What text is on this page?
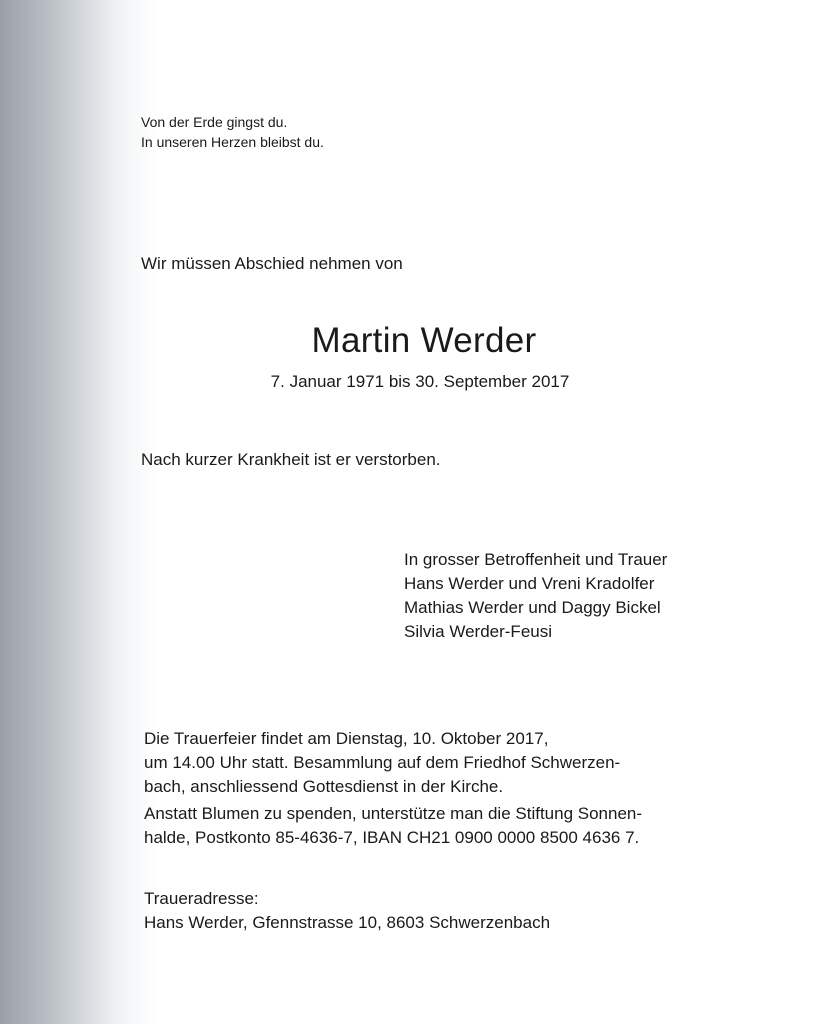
Von der Erde gingst du.
In unseren Herzen bleibst du.
Wir müssen Abschied nehmen von
Martin Werder
7. Januar 1971 bis 30. September 2017
Nach kurzer Krankheit ist er verstorben.
In grosser Betroffenheit und Trauer
Hans Werder und Vreni Kradolfer
Mathias Werder und Daggy Bickel
Silvia Werder-Feusi
Die Trauerfeier findet am Dienstag, 10. Oktober 2017,
um 14.00 Uhr statt. Besammlung auf dem Friedhof Schwerzen-
bach, anschliessend Gottesdienst in der Kirche.
Anstatt Blumen zu spenden, unterstütze man die Stiftung Sonnen-
halde, Postkonto 85-4636-7, IBAN CH21 0900 0000 8500 4636 7.
Traueradresse:
Hans Werder, Gfennstrasse 10, 8603 Schwerzenbach
